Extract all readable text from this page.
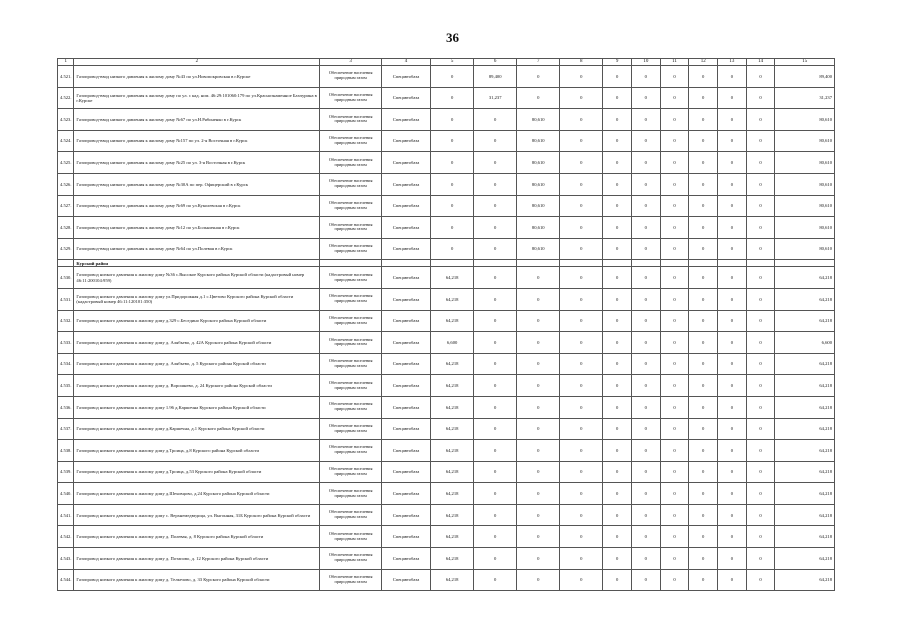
36
1	2	3	4	5	6	7	8	9	10	11	12	13	14	15
4.521.	Газопровод-ввод низкого давления к жилому дому №43 по ул.Новопокровская в г.Курске	Обеспечение населения природным газом	Спецавтобаза	0	89,400	0	0	0	0	0	0	0	0	89,400
4.522.	Газопровод-ввод низкого давления к жилому дому по ул. с кад. ном. 46:29:101060:179 по ул.Краснознаменное Бахчурина в г.Курске	Обеспечение населения природным газом	Спецавтобаза	0	31,237	0	0	0	0	0	0	0	0	31,237
4.523.	Газопровод-ввод низкого давления к жилому дому №67 по ул.Н.Рябоненко в г.Курск	Обеспечение населения природным газом	Спецавтобаза	0	0	80,610	0	0	0	0	0	0	0	80,610
4.524.	Газопровод-ввод низкого давления к жилому дому №157 по ул. 2-я Восточная в г.Курск	Обеспечение населения природным газом	Спецавтобаза	0	0	80,610	0	0	0	0	0	0	0	80,610
4.525.	Газопровод-ввод низкого давления к жилому дому №25 по ул. 3-я Восточная в г.Курск	Обеспечение населения природным газом	Спецавтобаза	0	0	80,610	0	0	0	0	0	0	0	80,610
4.526.	Газопровод-ввод низкого давления к жилому дому №30А по пер. Офицерский в г.Курск	Обеспечение населения природным газом	Спецавтобаза	0	0	80,610	0	0	0	0	0	0	0	80,610
4.527.	Газопровод-ввод низкого давления к жилому дому №69 по ул.Куколевская в г.Курск	Обеспечение населения природным газом	Спецавтобаза	0	0	80,610	0	0	0	0	0	0	0	80,610
4.528.	Газопровод-ввод низкого давления к жилому дому №12 по ул.Больничная в г.Курск	Обеспечение населения природным газом	Спецавтобаза	0	0	80,610	0	0	0	0	0	0	0	80,610
4.529.	Газопровод-ввод низкого давления к жилому дому №64 по ул.Полевая в г.Курск	Обеспечение населения природным газом	Спецавтобаза	0	0	80,610	0	0	0	0	0	0	0	80,610
	Курский район													
4.530.	Газопровод низкого давления к жилому дому №36 с.Высокое Курского района Курской области (кадастровый номер 46:11:200104:959)	Обеспечение населения природным газом	Спецавтобаза	64,218	0	0	0	0	0	0	0	0	0	64,218
4.531.	Газопровод низкого давления к жилому дому ул.Придорожная д.1 с.Цветово Курского района Курской области (кадастровый номер 46:11:120101:350)	Обеспечение населения природным газом	Спецавтобаза	64,218	0	0	0	0	0	0	0	0	0	64,218
4.532.	Газопровод низкого давления к жилому дому д.329 с.Беседино Курского района Курской области	Обеспечение населения природным газом	Спецавтобаза	64,218	0	0	0	0	0	0	0	0	0	64,218
4.533.	Газопровод низкого давления к жилому дому д. Алябьево, д. 42А Курского района Курской области	Обеспечение населения природным газом	Спецавтобаза	6,600	0	0	0	0	0	0	0	0	0	6,600
4.534.	Газопровод низкого давления к жилому дому д. Алябьево, д. 5 Курского района Курской области	Обеспечение населения природным газом	Спецавтобаза	64,218	0	0	0	0	0	0	0	0	0	64,218
4.535.	Газопровод низкого давления к жилому дому д. Ворошнево, д. 24 Курского района Курской области	Обеспечение населения природным газом	Спецавтобаза	64,218	0	0	0	0	0	0	0	0	0	64,218
4.536.	Газопровод низкого давления к жилому дому 1.96 д.Каршечна Курского района Курской области	Обеспечение населения природным газом	Спецавтобаза	64,218	0	0	0	0	0	0	0	0	0	64,218
4.537.	Газопровод низкого давления к жилому дому д.Каршечна, д.1 Курского района Курской области	Обеспечение населения природным газом	Спецавтобаза	64,218	0	0	0	0	0	0	0	0	0	64,218
4.538.	Газопровод низкого давления к жилому дому д.Троица, д.8 Курского района Курской области	Обеспечение населения природным газом	Спецавтобаза	64,218	0	0	0	0	0	0	0	0	0	64,218
4.539.	Газопровод низкого давления к жилому дому д.Троица, д.53 Курского района Курской области	Обеспечение населения природным газом	Спецавтобаза	64,218	0	0	0	0	0	0	0	0	0	64,218
4.540.	Газопровод низкого давления к жилому дому д.Шеховцово, д.24 Курского района Курской области	Обеспечение населения природным газом	Спецавтобаза	64,218	0	0	0	0	0	0	0	0	0	64,218
4.541.	Газопровод низкого давления к жилому дому с. Верхнемедведица, ул. Выгонная, 31Б Курского района Курской области	Обеспечение населения природным газом	Спецавтобаза	64,218	0	0	0	0	0	0	0	0	0	64,218
4.542.	Газопровод низкого давления к жилому дому д. Полевая, д. 8 Курского района Курской области	Обеспечение населения природным газом	Спецавтобаза	64,218	0	0	0	0	0	0	0	0	0	64,218
4.543.	Газопровод низкого давления к жилому дому д. Потапово, д. 12 Курского района Курской области	Обеспечение населения природным газом	Спецавтобаза	64,218	0	0	0	0	0	0	0	0	0	64,218
4.544.	Газопровод низкого давления к жилому дому д. Телкечово, д. 33 Курского района Курской области	Обеспечение населения природным газом	Спецавтобаза	64,218	0	0	0	0	0	0	0	0	0	64,218
